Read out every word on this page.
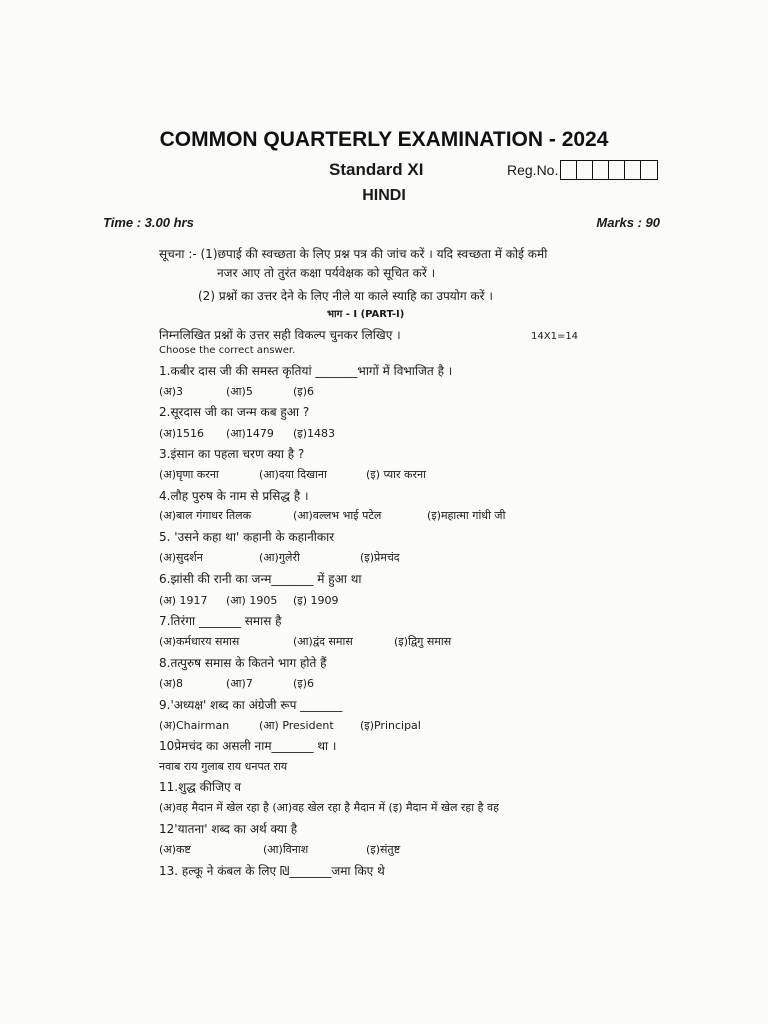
COMMON QUARTERLY EXAMINATION - 2024
Standard XI	Reg.No.
HINDI
Time : 3.00 hrs	Marks : 90
सूचना :- (1)छपाई की स्वच्छता के लिए प्रश्न पत्र की जांच करें । यदि स्वच्छता में कोई कमी
नजर आए तो तुरंत कक्षा पर्यवेक्षक को सूचित करें ।
(2) प्रश्नों का उत्तर देने के लिए नीले या काले स्याहि का उपयोग करें ।
भाग - I (PART-I)
निम्नलिखित प्रश्नों के उत्तर सही विकल्प चुनकर लिखिए ।	14X1=14
Choose the correct answer.
1.कबीर दास जी की समस्त कृतियां _______भागों में विभाजित है ।
(अ)3	(आ)5	(इ)6
2.सूरदास जी का जन्म कब हुआ ?
(अ)1516 (आ)1479 (इ)1483
3.इंसान का पहला चरण क्या है ?
(अ)घृणा करना	(आ)दया दिखाना	(इ) प्यार करना
4.लौह पुरुष के नाम से प्रसिद्ध है ।
(अ)बाल गंगाधर तिलक	(आ)वल्लभ भाई पटेल	(इ)महात्मा गांधी जी
5. 'उसने कहा था' कहानी के कहानीकार
(अ)सुदर्शन	(आ)गुलेरी	(इ)प्रेमचंद
6.झांसी की रानी का जन्म_______ में हुआ था
(अ) 1917 (आ) 1905 (इ) 1909
7.तिरंगा _______ समास है
(अ)कर्मधारय समास	(आ)द्वंद समास	(इ)द्विगु समास
8.तत्पुरुष समास के कितने भाग होते हैं
(अ)8	(आ)7	(इ)6
9.'अध्यक्ष' शब्द का अंग्रेजी रूप _______
(अ)Chairman	(आ) President (इ)Principal
10प्रेमचंद का असली नाम_______ था ।
नवाब राय गुलाब राय धनपत राय
11.शुद्ध कीजिए व
(अ)वह मैदान में खेल रहा है (आ)वह खेल रहा है मैदान में (इ) मैदान में खेल रहा है वह
12'यातना' शब्द का अर्थ क्या है
(अ)कष्ट	(आ)विनाश	(इ)संतुष्ट
13. हल्कू ने कंबल के लिए ₪_______जमा किए थे
